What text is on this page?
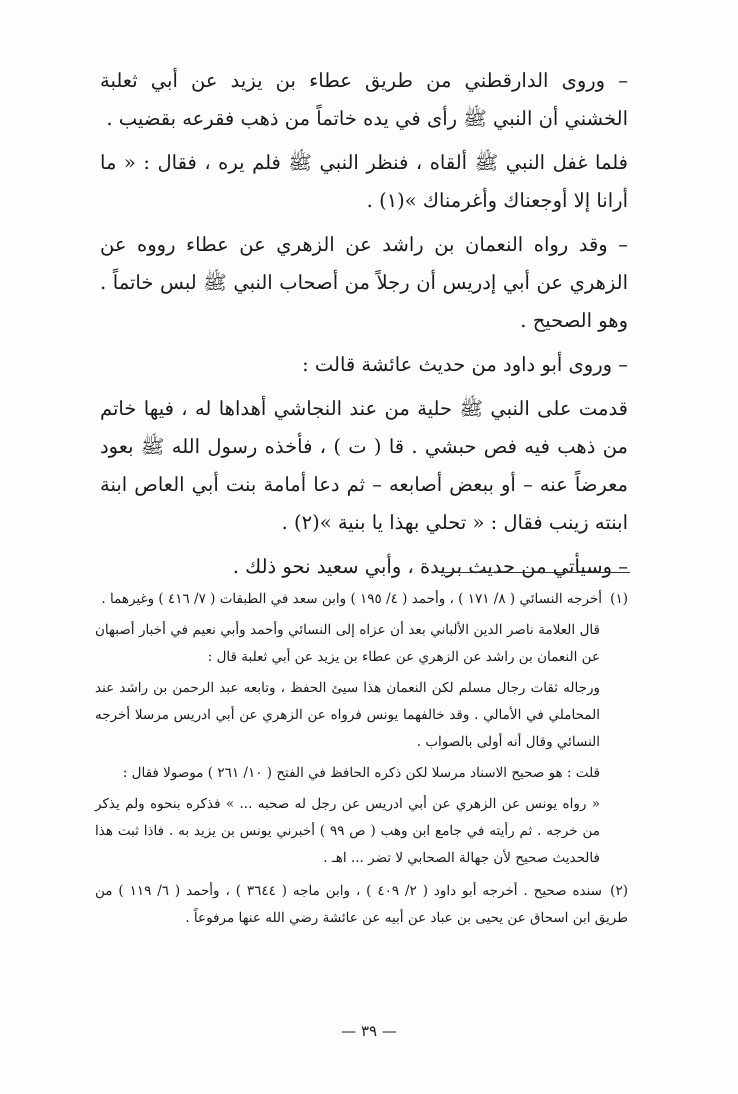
– وروى الدارقطني من طريق عطاء بن يزيد عن أبي ثعلبة الخشني أن النبي ﷺ رأى في يده خاتماً من ذهب فقرعه بقضيب .

فلما غفل النبي ﷺ ألقاه ، فنظر النبي ﷺ فلم يره ، فقال : « ما أرانا إلا أوجعناك وأغرمناك »(١) .

– وقد رواه النعمان بن راشد عن الزهري عن عطاء رووه عن الزهري عن أبي إدريس أن رجلاً من أصحاب النبي ﷺ لبس خاتماً . وهو الصحيح .

– وروى أبو داود من حديث عائشة قالت :

قدمت على النبي ﷺ حلية من عند النجاشي أهداها له ، فيها خاتم من ذهب فيه فص حبشي . قا ( ت ) ، فأخذه رسول الله ﷺ بعود معرضاً عنه – أو ببعض أصابعه – ثم دعا أمامة بنت أبي العاص ابنة ابنته زينب فقال : « تحلي بهذا يا بنية »(٢) .

– وسيأتي من حديث بريدة ، وأبي سعيد نحو ذلك .

(١)أخرجه النسائي ( ٨/ ١٧١ ) ، وأحمد ( ٤/ ١٩٥ ) وابن سعد في الطبقات ( ٧/ ٤١٦ ) وغيرهما .

قال العلامة ناصر الدين الألباني بعد أن عزاه إلى النسائي وأحمد وأبي نعيم في أخبار أصبهان عن النعمان بن راشد عن الزهري عن عطاء بن يزيد عن أبي ثعلبة قال :

ورجاله ثقات رجال مسلم لكن النعمان هذا سيئ الحفظ ، وتابعه عبد الرحمن بن راشد عند المحاملي في الأمالي . وقد خالفهما يونس فرواه عن الزهري عن أبي ادريس مرسلا أخرجه النسائي وقال أنه أولى بالصواب .

قلت : هو صحيح الاسناد مرسلا لكن ذكره الحافظ في الفتح ( ١٠/ ٢٦١ ) موصولا فقال :

« رواه يونس عن الزهري عن أبي ادريس عن رجل له صحبه ... » فذكره بنحوه ولم يذكر من خرجه . ثم رأيته في جامع ابن وهب ( ص ٩٩ ) أخبرني يونس بن يزيد به . فاذا ثبت هذا فالحديث صحيح لأن جهالة الصحابي لا تضر ... اهـ .

(٢)سنده صحيح . أخرجه أبو داود ( ٢/ ٤٠٩ ) ، وابن ماجه ( ٣٦٤٤ ) ، وأحمد ( ٦/ ١١٩ ) من طريق ابن اسحاق عن يحيى بن عباد عن أبيه عن عائشة رضي الله عنها مرفوعاً .

— ٣٩ —
